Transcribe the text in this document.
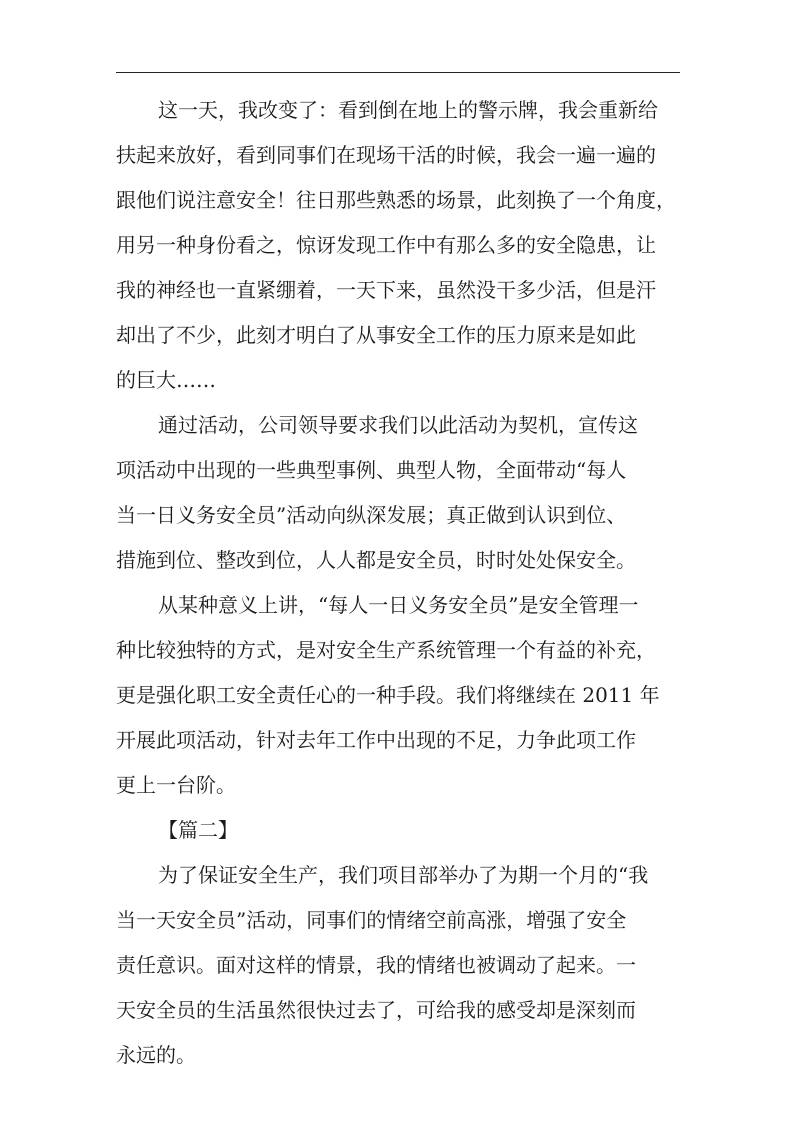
这一天，我改变了：看到倒在地上的警示牌，我会重新给
扶起来放好，看到同事们在现场干活的时候，我会一遍一遍的
跟他们说注意安全！往日那些熟悉的场景，此刻换了一个角度，
用另一种身份看之，惊讶发现工作中有那么多的安全隐患，让
我的神经也一直紧绷着，一天下来，虽然没干多少活，但是汗
却出了不少，此刻才明白了从事安全工作的压力原来是如此
的巨大……
通过活动，公司领导要求我们以此活动为契机，宣传这
项活动中出现的一些典型事例、典型人物，全面带动“每人
当一日义务安全员”活动向纵深发展；真正做到认识到位、
措施到位、整改到位，人人都是安全员，时时处处保安全。
从某种意义上讲，“每人一日义务安全员”是安全管理一
种比较独特的方式，是对安全生产系统管理一个有益的补充，
更是强化职工安全责任心的一种手段。我们将继续在 2011 年
开展此项活动，针对去年工作中出现的不足，力争此项工作
更上一台阶。
【篇二】
为了保证安全生产，我们项目部举办了为期一个月的“我
当一天安全员”活动，同事们的情绪空前高涨，增强了安全
责任意识。面对这样的情景，我的情绪也被调动了起来。一
天安全员的生活虽然很快过去了，可给我的感受却是深刻而
永远的。
